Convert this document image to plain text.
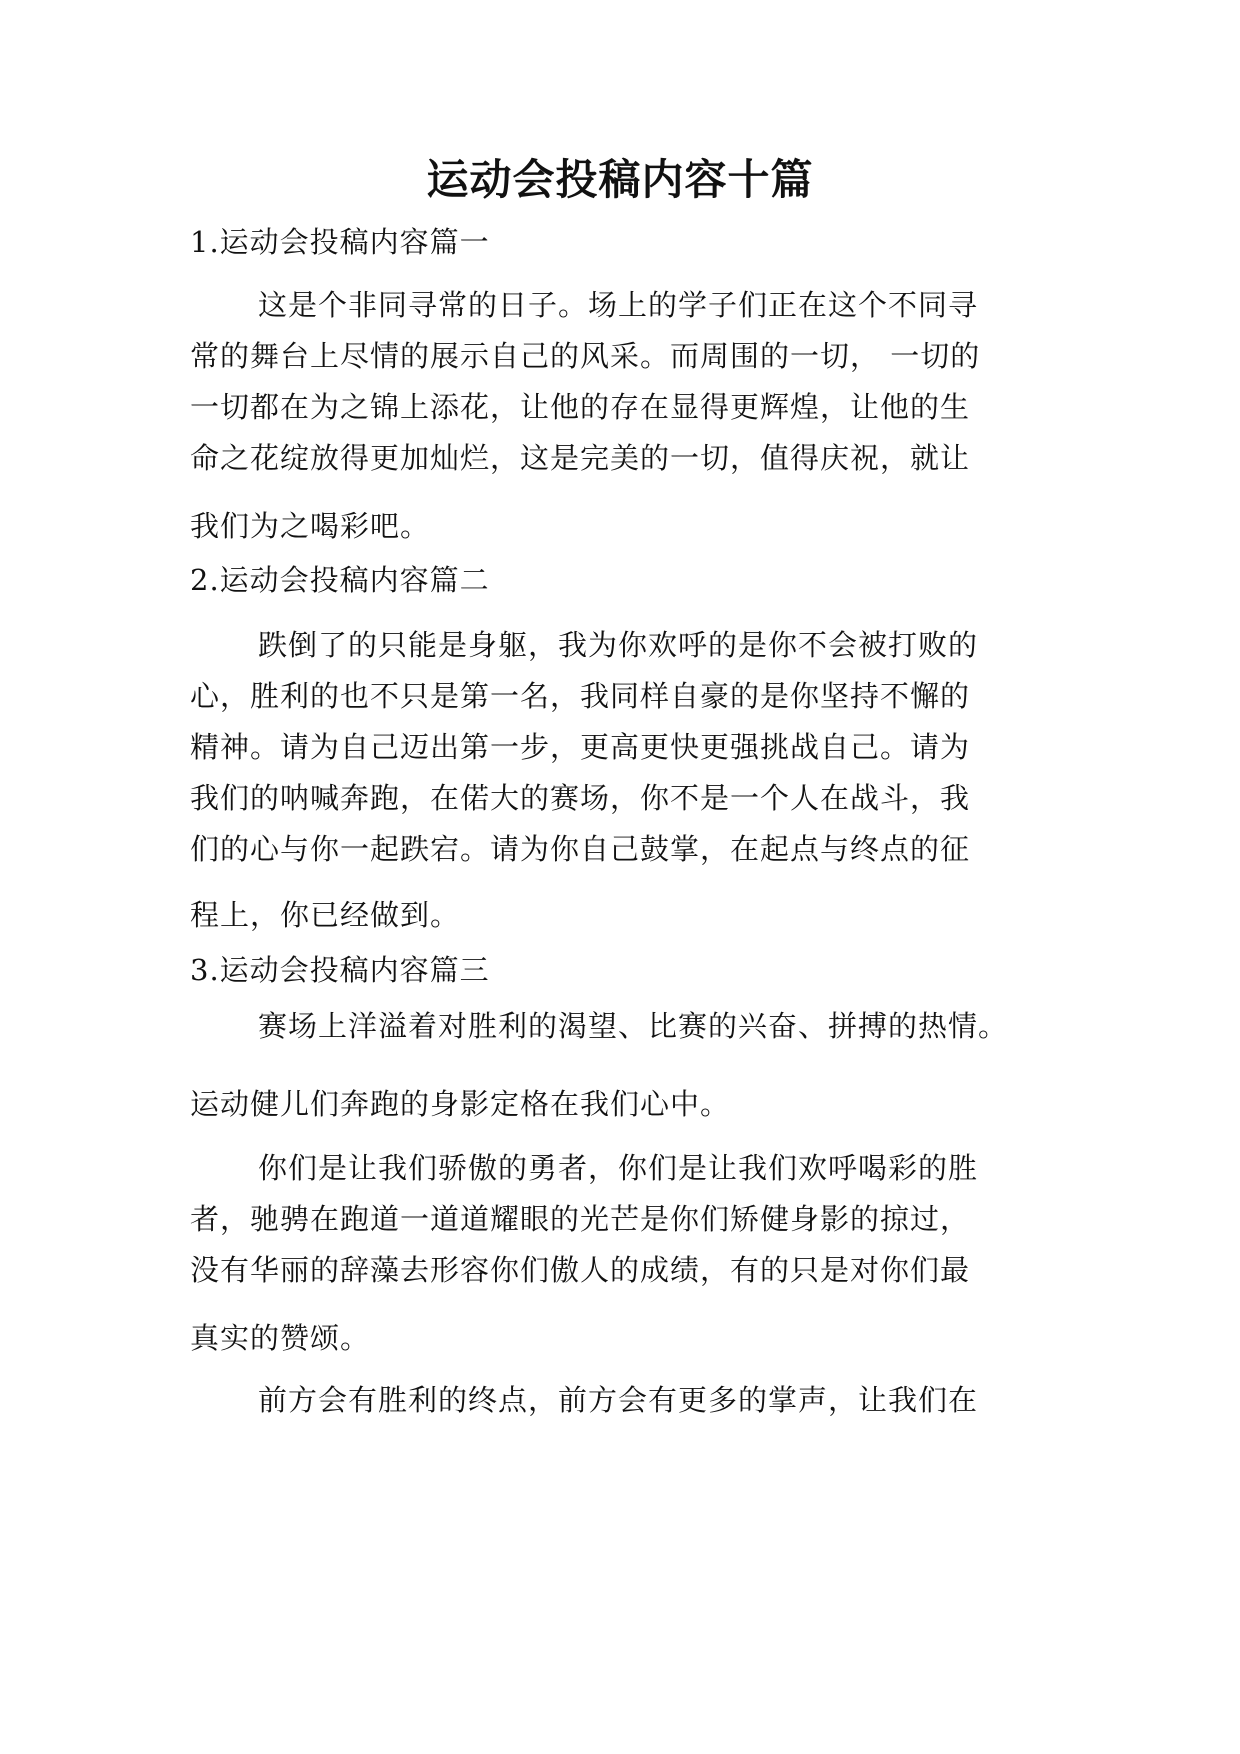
运动会投稿内容十篇
1.运动会投稿内容篇一
这是个非同寻常的日子。场上的学子们正在这个不同寻
常的舞台上尽情的展示自己的风采。而周围的一切， 一切的
一切都在为之锦上添花，让他的存在显得更辉煌，让他的生
命之花绽放得更加灿烂，这是完美的一切，值得庆祝，就让
我们为之喝彩吧。
2.运动会投稿内容篇二
跌倒了的只能是身躯，我为你欢呼的是你不会被打败的
心，胜利的也不只是第一名，我同样自豪的是你坚持不懈的
精神。请为自己迈出第一步，更高更快更强挑战自己。请为
我们的呐喊奔跑，在偌大的赛场，你不是一个人在战斗，我
们的心与你一起跌宕。请为你自己鼓掌，在起点与终点的征
程上，你已经做到。
3.运动会投稿内容篇三
赛场上洋溢着对胜利的渴望、比赛的兴奋、拼搏的热情。
运动健儿们奔跑的身影定格在我们心中。
你们是让我们骄傲的勇者，你们是让我们欢呼喝彩的胜
者，驰骋在跑道一道道耀眼的光芒是你们矫健身影的掠过，
没有华丽的辞藻去形容你们傲人的成绩，有的只是对你们最
真实的赞颂。
前方会有胜利的终点，前方会有更多的掌声，让我们在
